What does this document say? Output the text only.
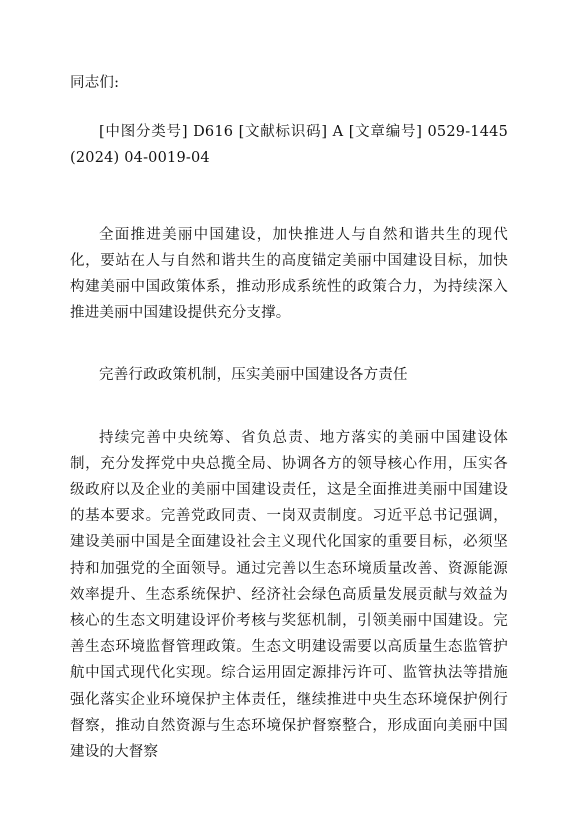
同志们:

[中图分类号] D616 [文献标识码] A [文章编号] 0529-1445 (2024) 04-0019-04

全面推进美丽中国建设，加快推进人与自然和谐共生的现代化，要站在人与自然和谐共生的高度锚定美丽中国建设目标，加快构建美丽中国政策体系，推动形成系统性的政策合力，为持续深入推进美丽中国建设提供充分支撑。

完善行政政策机制，压实美丽中国建设各方责任

持续完善中央统筹、省负总责、地方落实的美丽中国建设体制，充分发挥党中央总揽全局、协调各方的领导核心作用，压实各级政府以及企业的美丽中国建设责任，这是全面推进美丽中国建设的基本要求。完善党政同责、一岗双责制度。习近平总书记强调，建设美丽中国是全面建设社会主义现代化国家的重要目标，必须坚持和加强党的全面领导。通过完善以生态环境质量改善、资源能源效率提升、生态系统保护、经济社会绿色高质量发展贡献与效益为核心的生态文明建设评价考核与奖惩机制，引领美丽中国建设。完善生态环境监督管理政策。生态文明建设需要以高质量生态监管护航中国式现代化实现。综合运用固定源排污许可、监管执法等措施强化落实企业环境保护主体责任，继续推进中央生态环境保护例行督察，推动自然资源与生态环境保护督察整合，形成面向美丽中国建设的大督察
